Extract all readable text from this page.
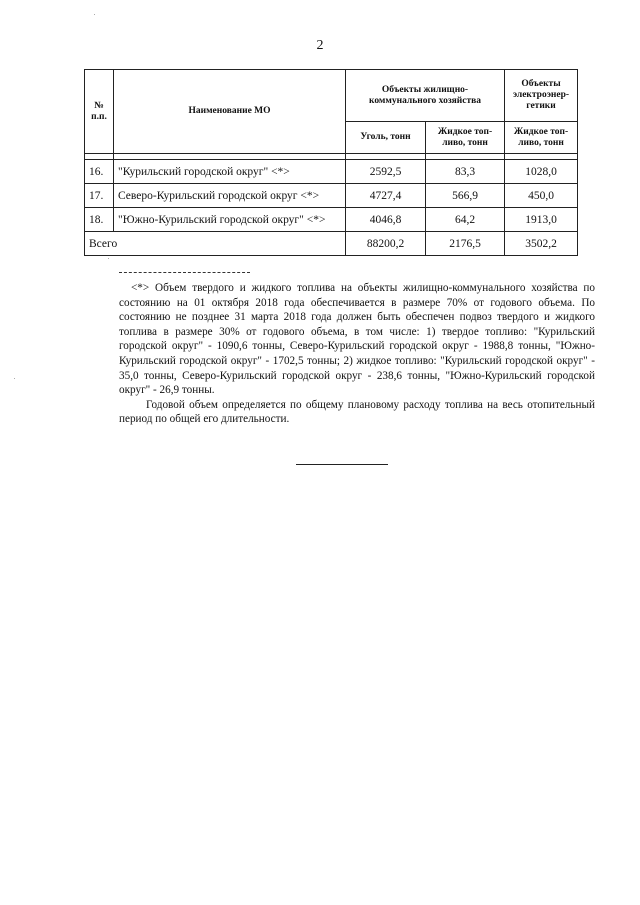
2
№ п.п.	Наименование МО	Объекты жилищно-коммунального хозяйства		Объекты электроэнер-гетики
		Уголь, тонн	Жидкое топ-ливо, тонн	Жидкое топ-ливо, тонн

16.	"Курильский городской округ" <*>	2592,5	83,3	1028,0
17.	Северо-Курильский городской округ <*>	4727,4	566,9	450,0
18.	"Южно-Курильский городской округ" <*>	4046,8	64,2	1913,0
Всего		88200,2	2176,5	3502,2

<*> Объем твердого и жидкого топлива на объекты жилищно-коммунального хозяйства по состоянию на 01 октября 2018 года обеспечивается в размере 70% от годового объема. По состоянию не позднее 31 марта 2018 года должен быть обеспечен подвоз твердого и жидкого топлива в размере 30% от годового объема, в том числе: 1) твердое топливо: "Курильский городской округ" - 1090,6 тонны, Северо-Курильский городской округ - 1988,8 тонны, "Южно-Курильский городской округ" - 1702,5 тонны; 2) жидкое топливо: "Курильский городской округ" - 35,0 тонны, Северо-Курильский городской округ - 238,6 тонны, "Южно-Курильский городской округ" - 26,9 тонны.

Годовой объем определяется по общему плановому расходу топлива на весь отопительный период по общей его длительности.
